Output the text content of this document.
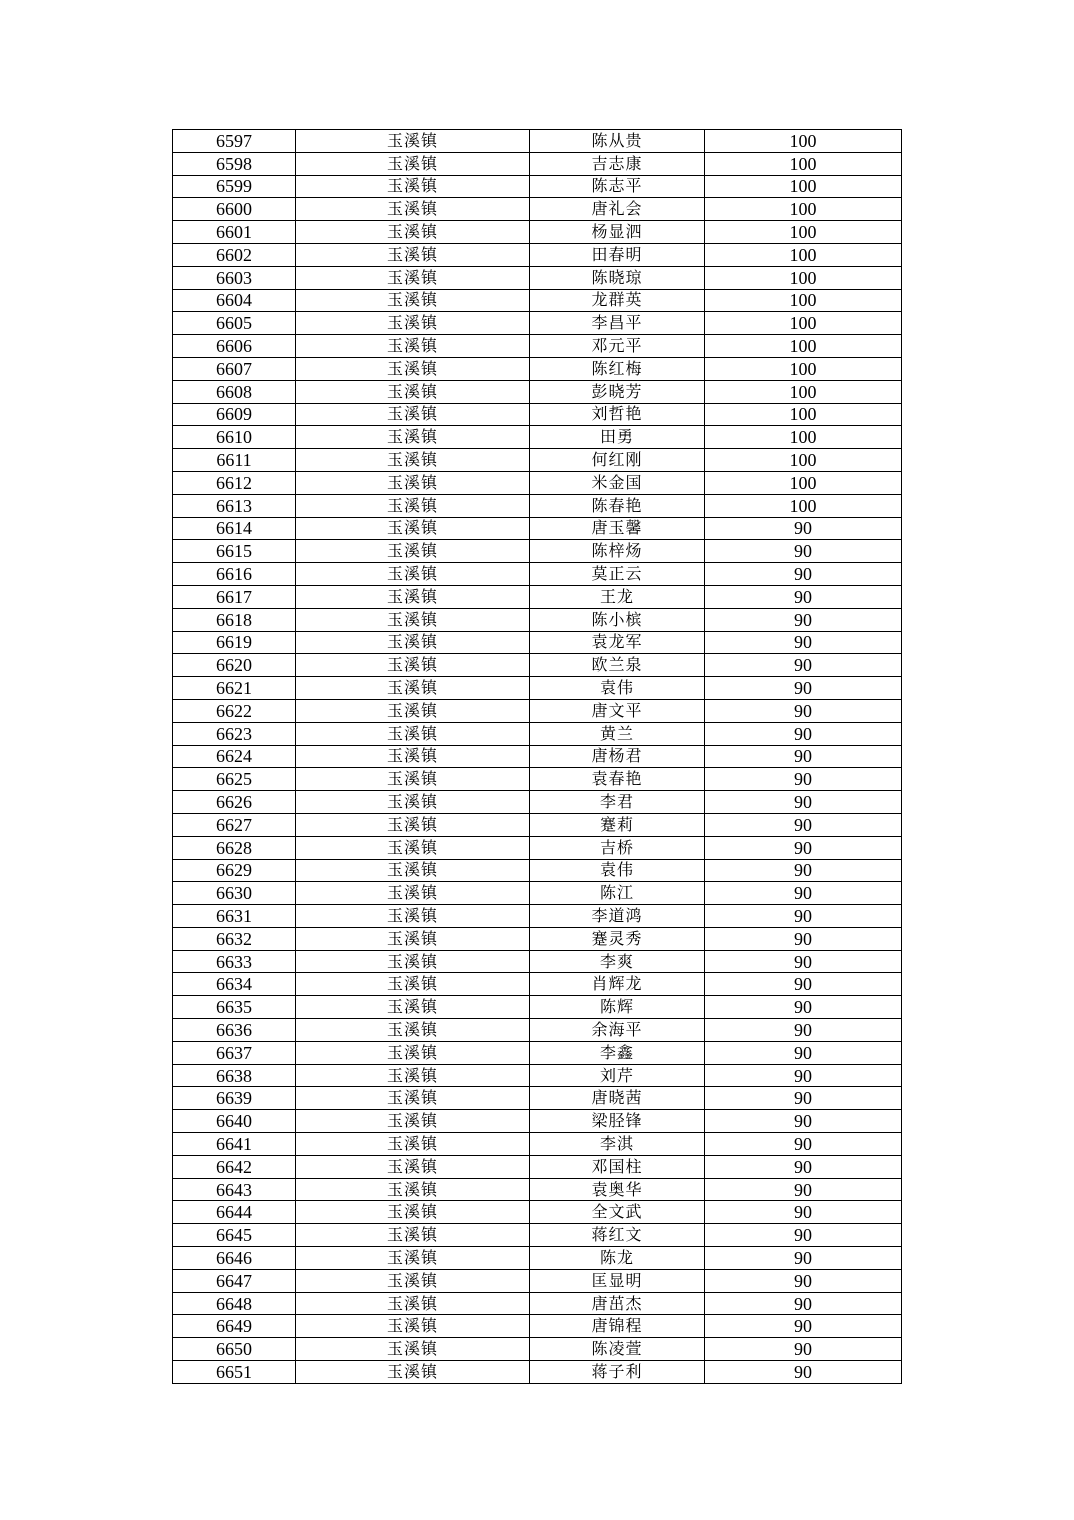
6597	玉溪镇	陈从贵	100
6598	玉溪镇	吉志康	100
6599	玉溪镇	陈志平	100
6600	玉溪镇	唐礼会	100
6601	玉溪镇	杨显泗	100
6602	玉溪镇	田春明	100
6603	玉溪镇	陈晓琼	100
6604	玉溪镇	龙群英	100
6605	玉溪镇	李昌平	100
6606	玉溪镇	邓元平	100
6607	玉溪镇	陈红梅	100
6608	玉溪镇	彭晓芳	100
6609	玉溪镇	刘哲艳	100
6610	玉溪镇	田勇	100
6611	玉溪镇	何红刚	100
6612	玉溪镇	米金国	100
6613	玉溪镇	陈春艳	100
6614	玉溪镇	唐玉馨	90
6615	玉溪镇	陈梓炀	90
6616	玉溪镇	莫正云	90
6617	玉溪镇	王龙	90
6618	玉溪镇	陈小槟	90
6619	玉溪镇	袁龙军	90
6620	玉溪镇	欧兰泉	90
6621	玉溪镇	袁伟	90
6622	玉溪镇	唐文平	90
6623	玉溪镇	黄兰	90
6624	玉溪镇	唐杨君	90
6625	玉溪镇	袁春艳	90
6626	玉溪镇	李君	90
6627	玉溪镇	蹇莉	90
6628	玉溪镇	吉桥	90
6629	玉溪镇	袁伟	90
6630	玉溪镇	陈江	90
6631	玉溪镇	李道鸿	90
6632	玉溪镇	蹇灵秀	90
6633	玉溪镇	李爽	90
6634	玉溪镇	肖辉龙	90
6635	玉溪镇	陈辉	90
6636	玉溪镇	余海平	90
6637	玉溪镇	李鑫	90
6638	玉溪镇	刘芹	90
6639	玉溪镇	唐晓茜	90
6640	玉溪镇	梁胫锋	90
6641	玉溪镇	李淇	90
6642	玉溪镇	邓国柱	90
6643	玉溪镇	袁奥华	90
6644	玉溪镇	全文武	90
6645	玉溪镇	蒋红文	90
6646	玉溪镇	陈龙	90
6647	玉溪镇	匡显明	90
6648	玉溪镇	唐茁杰	90
6649	玉溪镇	唐锦程	90
6650	玉溪镇	陈凌萱	90
6651	玉溪镇	蒋子利	90
